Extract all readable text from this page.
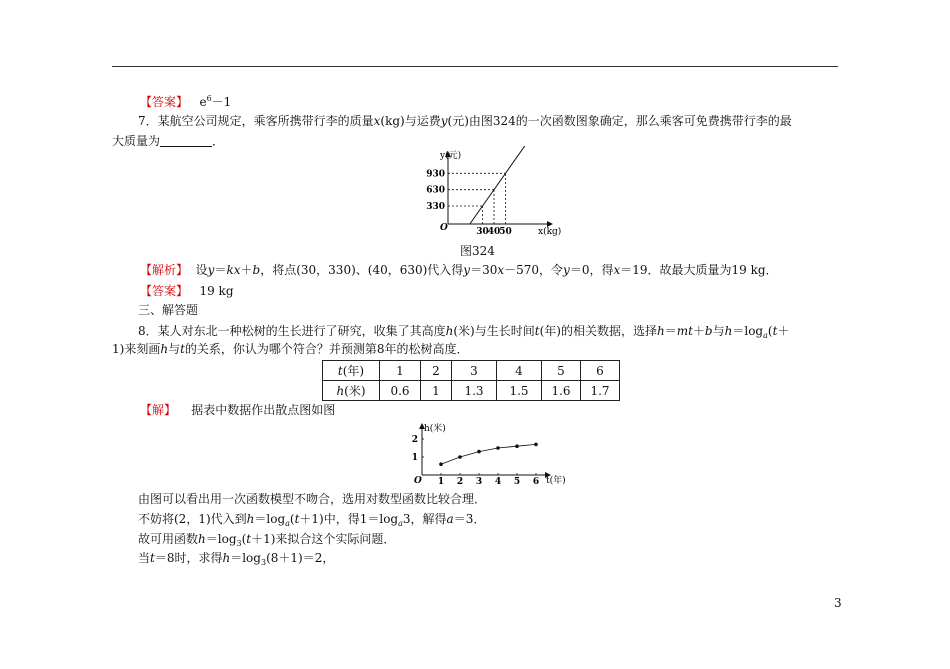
【答案】 $e^6-1$
7．某航空公司规定，乘客所携带行李的质量x(kg)与运费y(元)由图324的一次函数图象确定，那么乘客可免费携带行李的最
大质量为	．
330
30
630
40
930
50
O
y(元)
x(kg)
图324
【解析】 设y＝kx＋b，将点(30，330)、(40，630)代入得y＝30x－570，令y＝0，得x＝19．故最大质量为19 kg．
【答案】 19 kg
三、解答题
8．某人对东北一种松树的生长进行了研究，收集了其高度h(米)与生长时间t(年)的相关数据，选择h＝mt＋b与$h=\log_a(t+$
1)来刻画h与t的关系，你认为哪个符合？并预测第8年的松树高度．
t(年)	1	2	3	4	5	6
h(米)	0.6	1	1.3	1.5	1.6	1.7
【解】 据表中数据作出散点图如图
1 2 3 4 5 6
2
1
O
h(米)
t(年)
由图可以看出用一次函数模型不吻合，选用对数型函数比较合理．
不妨将(2，1)代入到$h=\log_a(t+1)$中，得$1=\log_a3$，解得a＝3．
故可用函数$h=\log_3(t+1)$来拟合这个实际问题．
当t＝8时，求得$h=\log_3(8+1)=2$，
3
